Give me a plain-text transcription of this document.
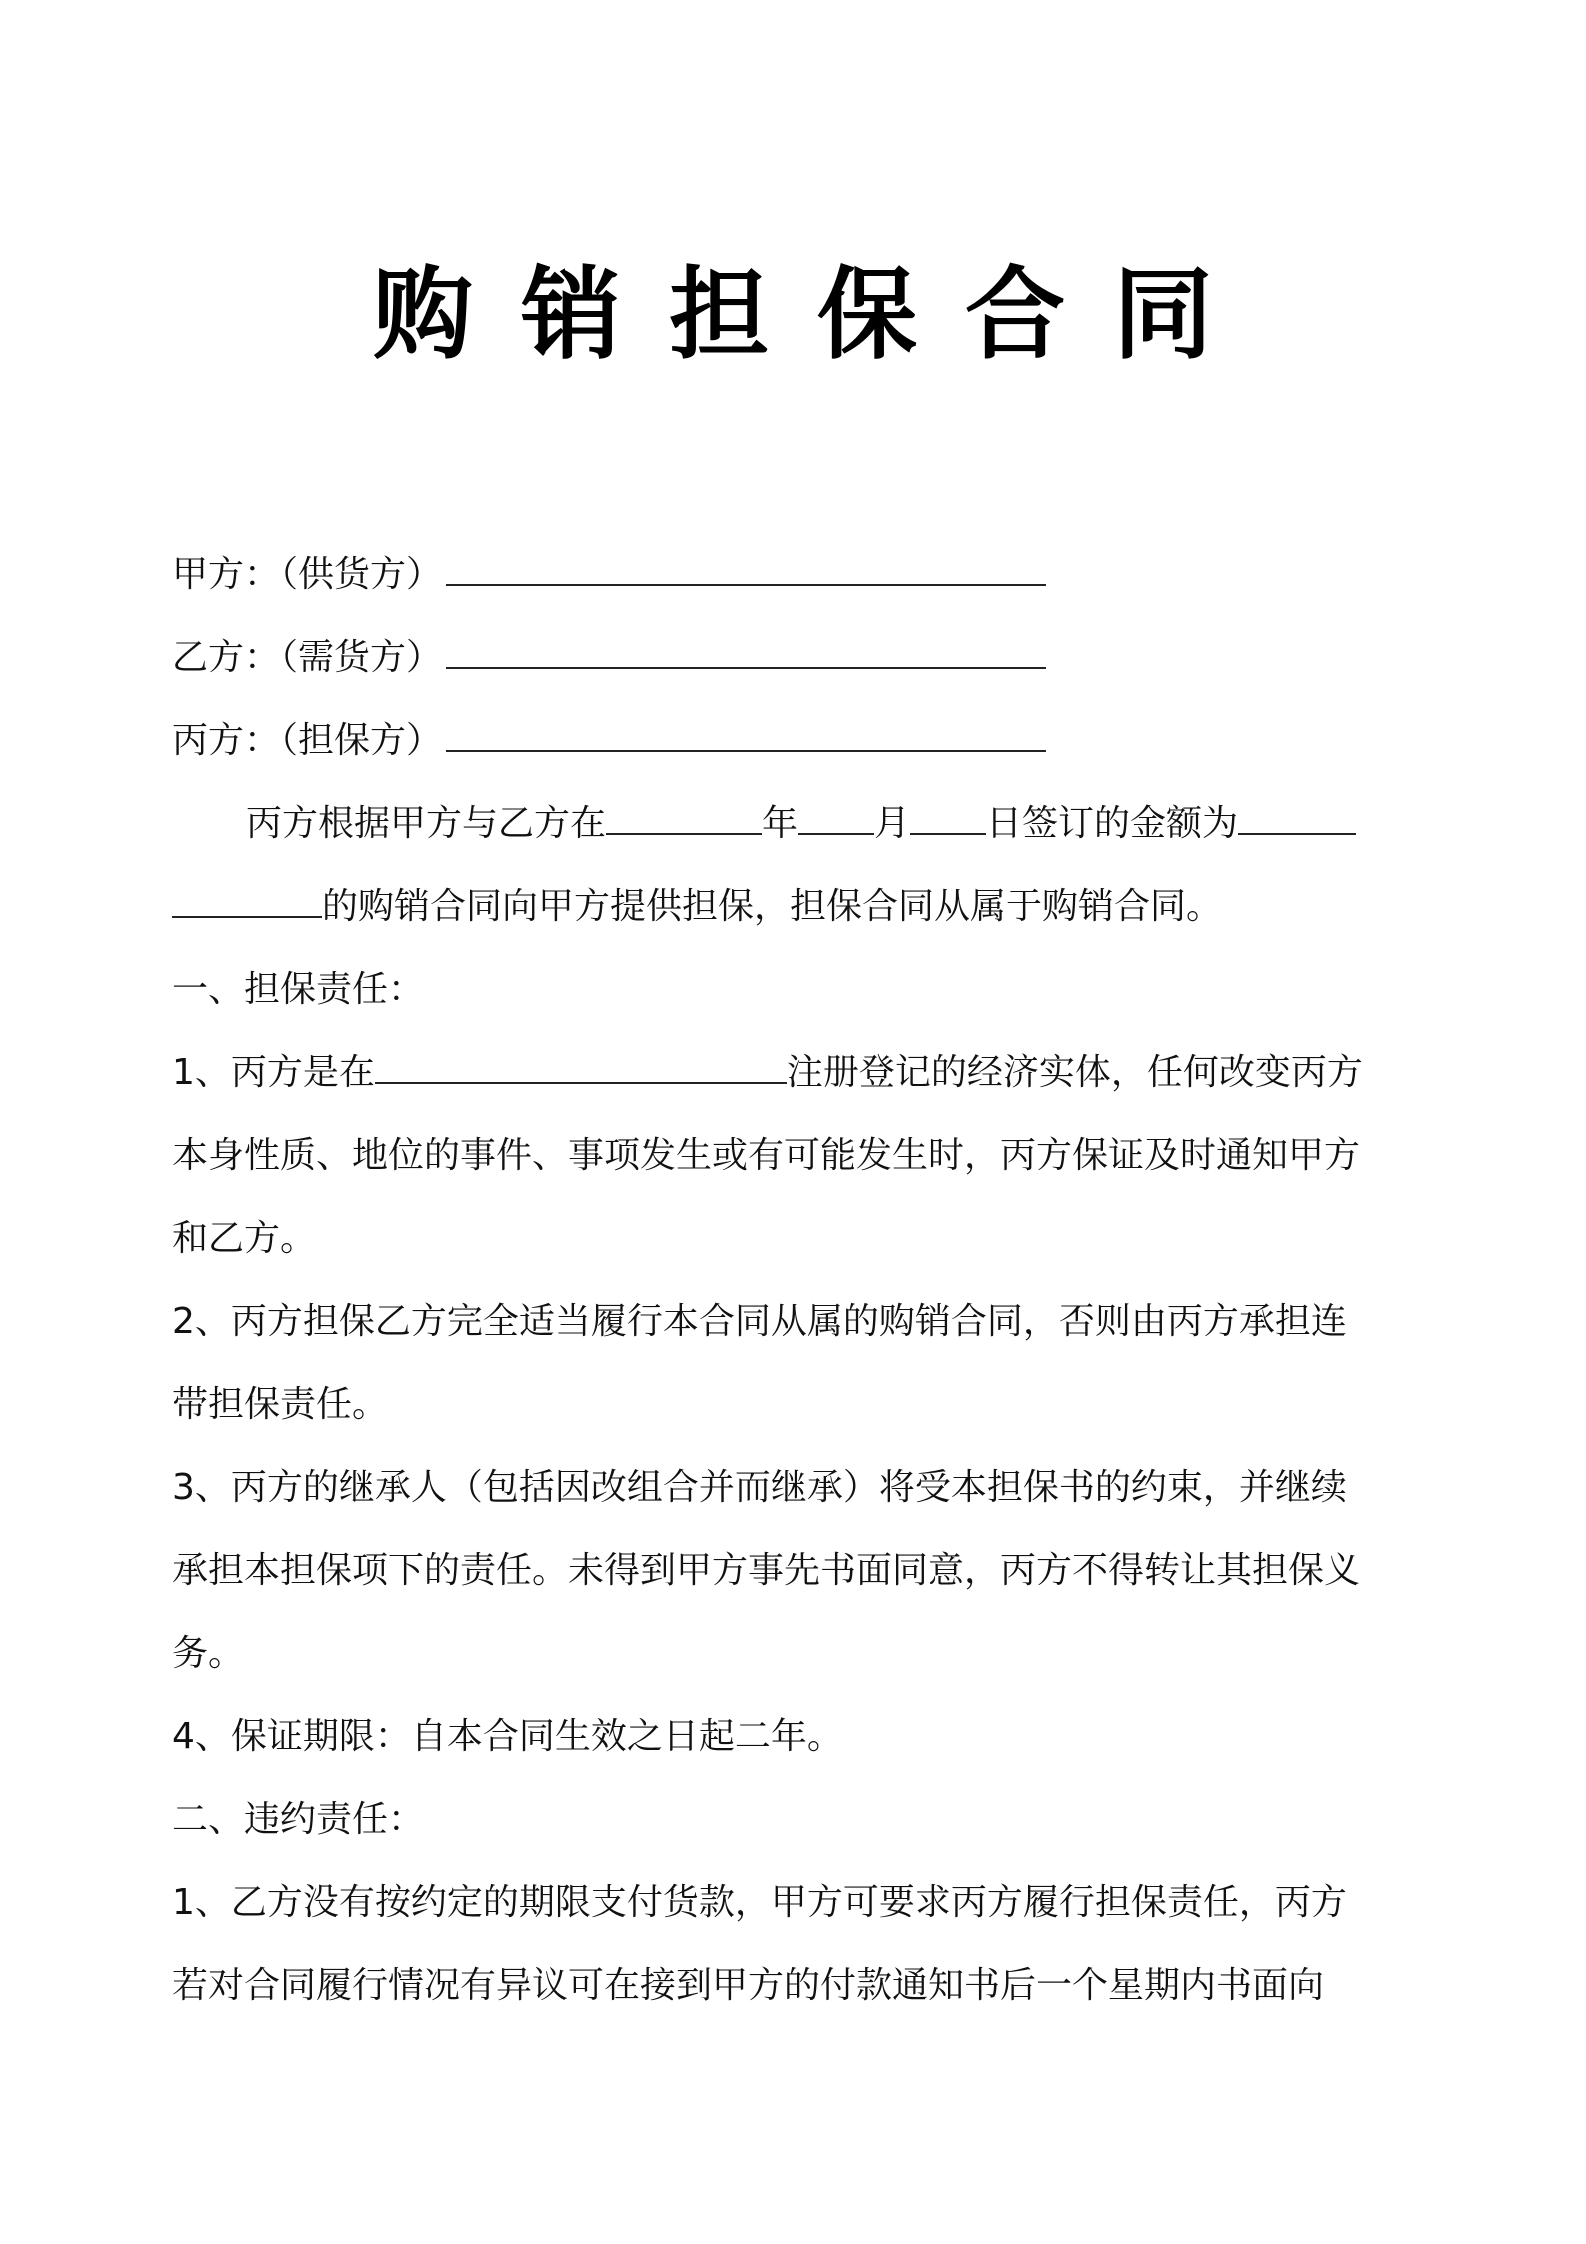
购销担保合同
甲方：（供货方）
乙方：（需货方）
丙方：（担保方）
丙方根据甲方与乙方在	年 月 日签订的金额为
的购销合同向甲方提供担保，担保合同从属于购销合同。
一、担保责任：
1、丙方是在	注册登记的经济实体，任何改变丙方
本身性质、地位的事件、事项发生或有可能发生时，丙方保证及时通知甲方
和乙方。
2、丙方担保乙方完全适当履行本合同从属的购销合同，否则由丙方承担连
带担保责任。
3、丙方的继承人（包括因改组合并而继承）将受本担保书的约束，并继续
承担本担保项下的责任。未得到甲方事先书面同意，丙方不得转让其担保义
务。
4、保证期限：自本合同生效之日起二年。
二、违约责任：
1、乙方没有按约定的期限支付货款，甲方可要求丙方履行担保责任，丙方
若对合同履行情况有异议可在接到甲方的付款通知书后一个星期内书面向
